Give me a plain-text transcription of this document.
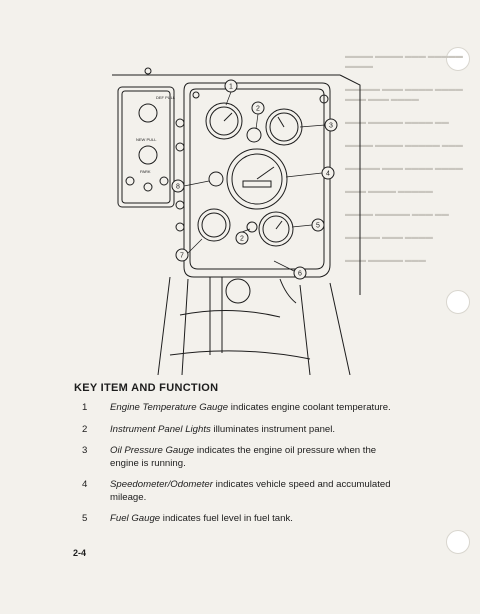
▬▬▬▬ ▬▬▬▬ ▬▬▬ ▬▬▬▬▬ ▬▬▬▬
▬▬▬▬▬ ▬▬▬ ▬▬▬▬ ▬▬▬▬ ▬▬▬ ▬▬▬ ▬▬▬▬
▬▬▬ ▬▬▬▬▬ ▬▬▬▬ ▬▬
▬▬▬▬ ▬▬▬▬ ▬▬▬▬▬ ▬▬▬
▬▬▬▬▬ ▬▬▬ ▬▬▬▬ ▬▬▬▬
▬▬▬ ▬▬▬▬ ▬▬▬▬▬
▬▬▬▬ ▬▬▬▬▬ ▬▬▬ ▬▬
▬▬▬▬▬ ▬▬▬ ▬▬▬▬
▬▬▬ ▬▬▬▬▬ ▬▬▬
1
2
3
4
5
6
7
8
2
DEF PULL
NEW PULL
PARK
KEY ITEM AND FUNCTION
1	Engine Temperature Gauge indicates engine coolant temperature.
2	Instrument Panel Lights illuminates instrument panel.
3	Oil Pressure Gauge indicates the engine oil pressure when the engine is running.
4	Speedometer/Odometer indicates vehicle speed and accumulated mileage.
5	Fuel Gauge indicates fuel level in fuel tank.
2-4
